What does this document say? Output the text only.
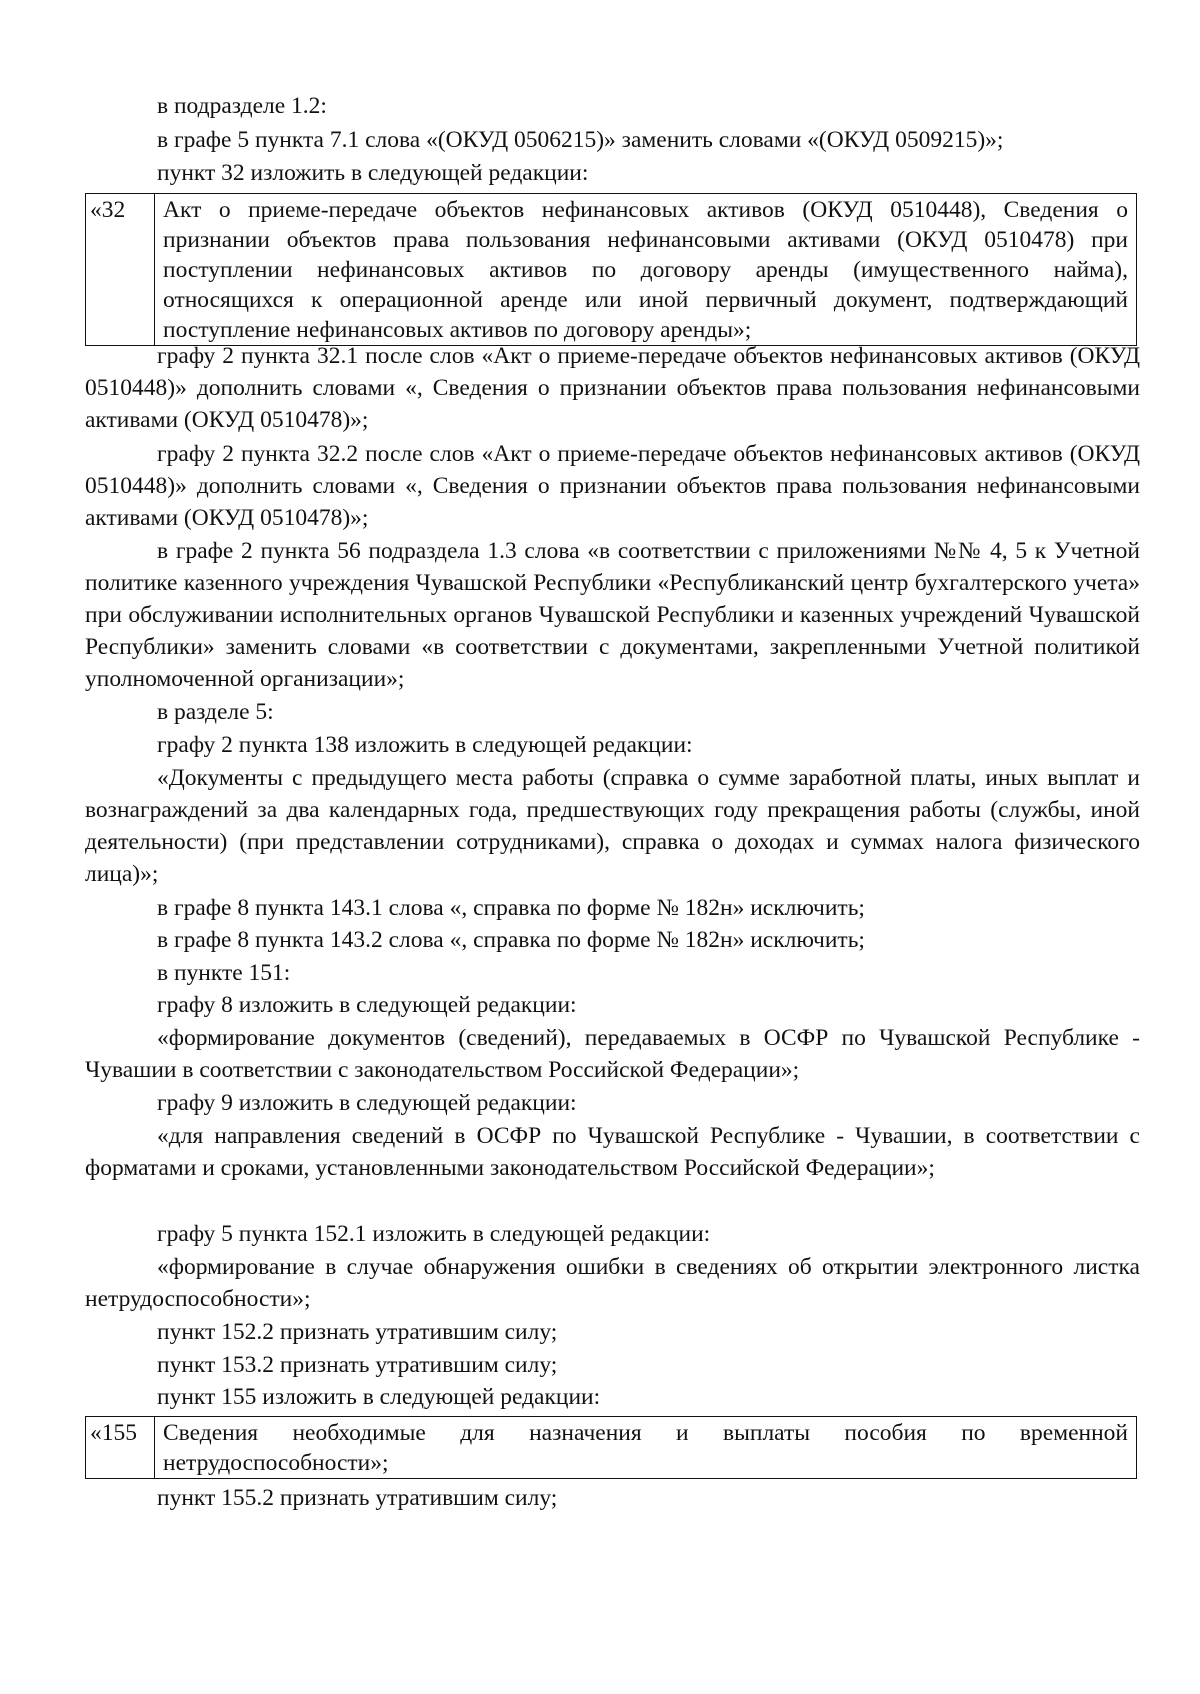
в подразделе 1.2:

в графе 5 пункта 7.1 слова «(ОКУД 0506215)» заменить словами «(ОКУД 0509215)»;

пункт 32 изложить в следующей редакции:

«32	Акт о приеме-передаче объектов нефинансовых активов (ОКУД 0510448), Сведения о признании объектов права пользования нефинансовыми активами (ОКУД 0510478) при поступлении нефинансовых активов по договору аренды (имущественного найма), относящихся к операционной аренде или иной первичный документ, подтверждающий поступление нефинансовых активов по договору аренды»;

графу 2 пункта 32.1 после слов «Акт о приеме-передаче объектов нефинансовых активов (ОКУД 0510448)» дополнить словами «, Сведения о признании объектов права пользования нефинансовыми активами (ОКУД 0510478)»;

графу 2 пункта 32.2 после слов «Акт о приеме-передаче объектов нефинансовых активов (ОКУД 0510448)» дополнить словами «, Сведения о признании объектов права пользования нефинансовыми активами (ОКУД 0510478)»;

в графе 2 пункта 56 подраздела 1.3 слова «в соответствии с приложениями №№ 4, 5 к Учетной политике казенного учреждения Чувашской Республики «Республиканский центр бухгалтерского учета» при обслуживании исполнительных органов Чувашской Республики и казенных учреждений Чувашской Республики» заменить словами «в соответствии с документами, закрепленными Учетной политикой уполномоченной организации»;

в разделе 5:

графу 2 пункта 138 изложить в следующей редакции:

«Документы с предыдущего места работы (справка о сумме заработной платы, иных выплат и вознаграждений за два календарных года, предшествующих году прекращения работы (службы, иной деятельности) (при представлении сотрудниками), справка о доходах и суммах налога физического лица)»;

в графе 8 пункта 143.1 слова «, справка по форме № 182н» исключить;

в графе 8 пункта 143.2 слова «, справка по форме № 182н» исключить;

в пункте 151:

графу 8 изложить в следующей редакции:

«формирование документов (сведений), передаваемых в ОСФР по Чувашской Республике - Чувашии в соответствии с законодательством Российской Федерации»;

графу 9 изложить в следующей редакции:

«для направления сведений в ОСФР по Чувашской Республике - Чувашии, в соответствии с форматами и сроками, установленными законодательством Российской Федерации»;

графу 5 пункта 152.1 изложить в следующей редакции:

«формирование в случае обнаружения ошибки в сведениях об открытии электронного листка нетрудоспособности»;

пункт 152.2 признать утратившим силу;

пункт 153.2 признать утратившим силу;

пункт 155 изложить в следующей редакции:

«155	Сведения необходимые для назначения и выплаты пособия по временной нетрудоспособности»;

пункт 155.2 признать утратившим силу;
